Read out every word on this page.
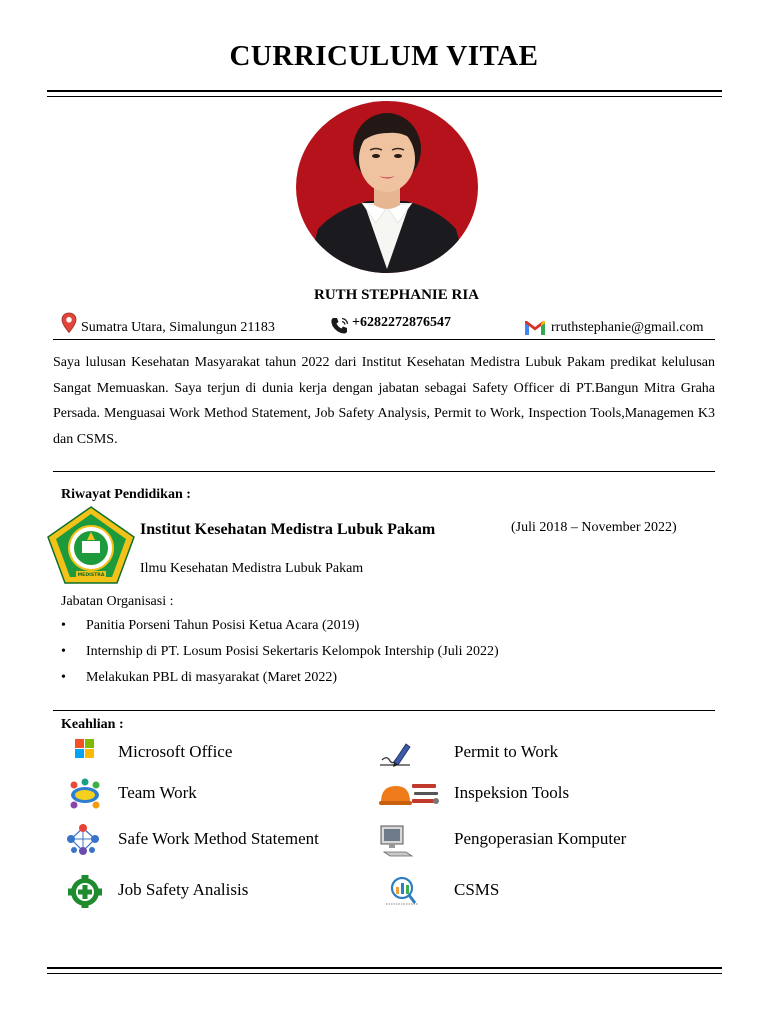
CURRICULUM VITAE
RUTH STEPHANIE RIA
Sumatra Utara, Simalungun 21183	+6282272876547	rruthstephanie@gmail.com
Saya lulusan Kesehatan Masyarakat tahun 2022 dari Institut Kesehatan Medistra Lubuk Pakam predikat kelulusan Sangat Memuaskan. Saya terjun di dunia kerja dengan jabatan sebagai Safety Officer di PT.Bangun Mitra Graha Persada. Menguasai Work Method Statement, Job Safety Analysis, Permit to Work, Inspection Tools,Managemen K3 dan CSMS.
Riwayat Pendidikan :
MEDISTRA
Institut Kesehatan Medistra Lubuk Pakam	(Juli 2018 – November 2022)
Ilmu Kesehatan Medistra Lubuk Pakam
Jabatan Organisasi :
• Panitia Porseni Tahun Posisi Ketua Acara (2019)
• Internship di PT. Losum Posisi Sekertaris Kelompok Intership (Juli 2022)
• Melakukan PBL di masyarakat (Maret 2022)
Keahlian :
Microsoft Office	Permit to Work
Team Work	Inspeksion Tools
Safe Work Method Statement	Pengoperasian Komputer
Job Safety Analisis	CSMS
